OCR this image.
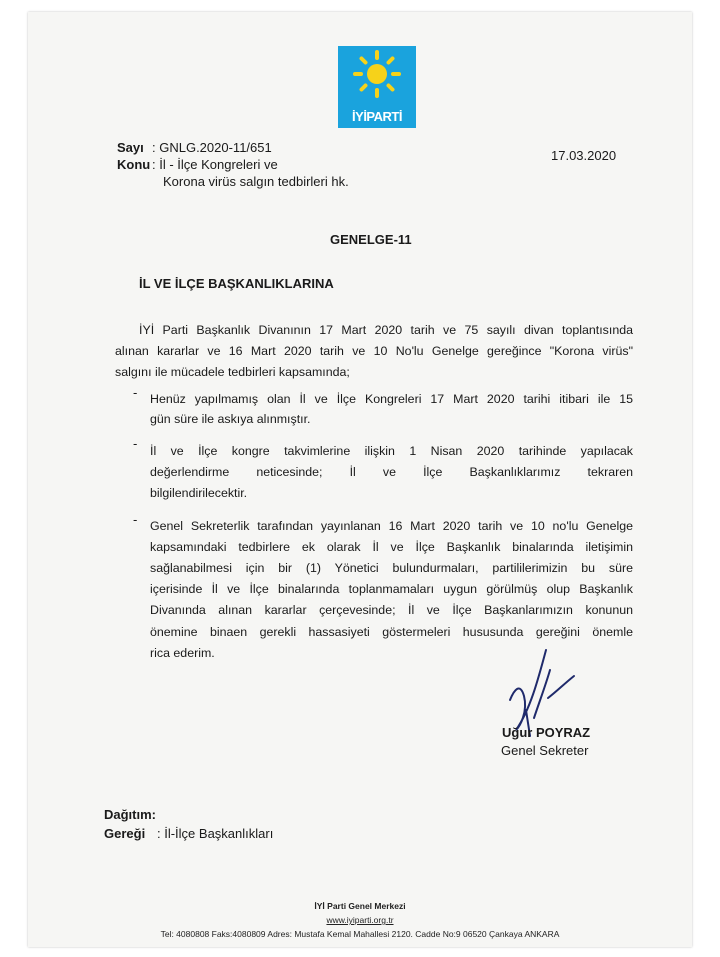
İYİPARTİ
Sayı : GNLG.2020-11/651
Konu : İl - İlçe Kongreleri ve
Korona virüs salgın tedbirleri hk.
17.03.2020
GENELGE-11
İL VE İLÇE BAŞKANLIKLARINA
İYİ Parti Başkanlık Divanının 17 Mart 2020 tarih ve 75 sayılı divan toplantısında
alınan kararlar ve 16 Mart 2020 tarih ve 10 No'lu Genelge gereğince "Korona virüs"
salgını ile mücadele tedbirleri kapsamında;
- Henüz yapılmamış olan İl ve İlçe Kongreleri 17 Mart 2020 tarihi itibari ile 15
gün süre ile askıya alınmıştır.
- İl ve İlçe kongre takvimlerine ilişkin 1 Nisan 2020 tarihinde yapılacak
değerlendirme neticesinde; İl ve İlçe Başkanlıklarımız tekraren
bilgilendirilecektir.
- Genel Sekreterlik tarafından yayınlanan 16 Mart 2020 tarih ve 10 no'lu Genelge
kapsamındaki tedbirlere ek olarak İl ve İlçe Başkanlık binalarında iletişimin
sağlanabilmesi için bir (1) Yönetici bulundurmaları, partililerimizin bu süre
içerisinde İl ve İlçe binalarında toplanmamaları uygun görülmüş olup Başkanlık
Divanında alınan kararlar çerçevesinde; İl ve İlçe Başkanlarımızın konunun
önemine binaen gerekli hassasiyeti göstermeleri hususunda gereğini önemle
rica ederim.
Uğur POYRAZ
Genel Sekreter
Dağıtım:
Gereği : İl-İlçe Başkanlıkları
İYİ Parti Genel Merkezi
www.iyiparti.org.tr
Tel: 4080808 Faks:4080809 Adres: Mustafa Kemal Mahallesi 2120. Cadde No:9 06520 Çankaya ANKARA
